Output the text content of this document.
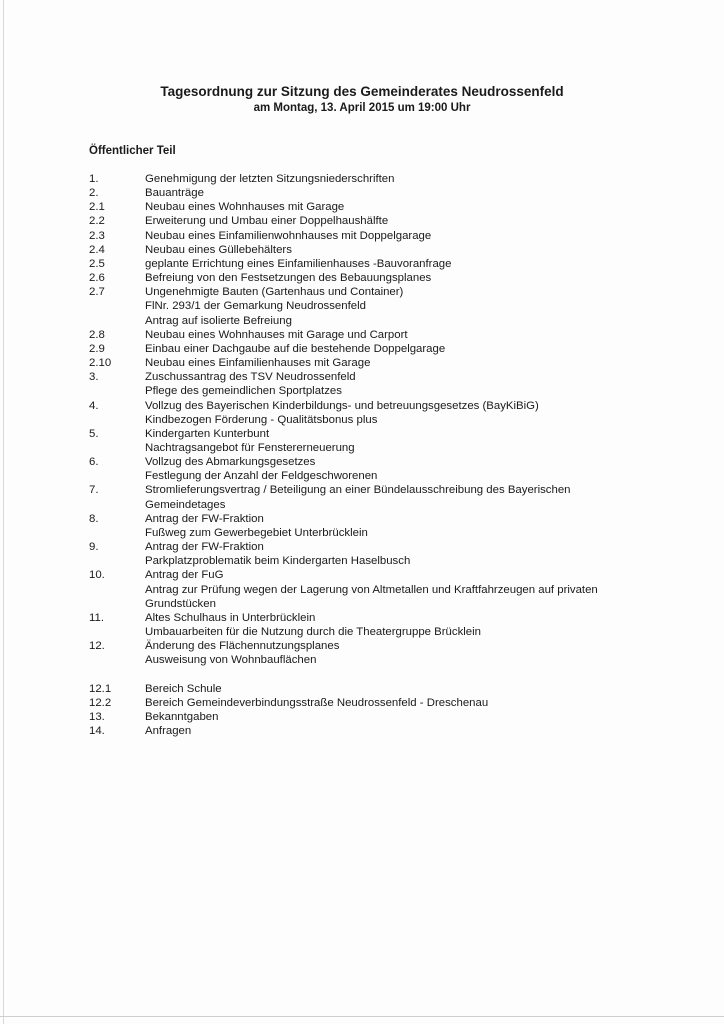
Tagesordnung zur Sitzung des Gemeinderates Neudrossenfeld

am Montag, 13. April 2015 um 19:00 Uhr

Öffentlicher Teil
1.	Genehmigung der letzten Sitzungsniederschriften
2.	Bauanträge
2.1	Neubau eines Wohnhauses mit Garage
2.2	Erweiterung und Umbau einer Doppelhaushälfte
2.3	Neubau eines Einfamilienwohnhauses mit Doppelgarage
2.4	Neubau eines Güllebehälters
2.5	geplante Errichtung eines Einfamilienhauses -Bauvoranfrage
2.6	Befreiung von den Festsetzungen des Bebauungsplanes
2.7	Ungenehmigte Bauten (Gartenhaus und Container)
FlNr. 293/1 der Gemarkung Neudrossenfeld
Antrag auf isolierte Befreiung
2.8	Neubau eines Wohnhauses mit Garage und Carport
2.9	Einbau einer Dachgaube auf die bestehende Doppelgarage
2.10	Neubau eines Einfamilienhauses mit Garage
3.	Zuschussantrag des TSV Neudrossenfeld
Pflege des gemeindlichen Sportplatzes
4.	Vollzug des Bayerischen Kinderbildungs- und betreuungsgesetzes (BayKiBiG)
Kindbezogen Förderung - Qualitätsbonus plus
5.	Kindergarten Kunterbunt
Nachtragsangebot für Fenstererneuerung
6.	Vollzug des Abmarkungsgesetzes
Festlegung der Anzahl der Feldgeschworenen
7.	Stromlieferungsvertrag / Beteiligung an einer Bündelausschreibung des Bayerischen
Gemeindetages
8.	Antrag der FW-Fraktion
Fußweg zum Gewerbegebiet Unterbrücklein
9.	Antrag der FW-Fraktion
Parkplatzproblematik beim Kindergarten Haselbusch
10.	Antrag der FuG
Antrag zur Prüfung wegen der Lagerung von Altmetallen und Kraftfahrzeugen auf privaten
Grundstücken
11.	Altes Schulhaus in Unterbrücklein
Umbauarbeiten für die Nutzung durch die Theatergruppe Brücklein
12.	Änderung des Flächennutzungsplanes
Ausweisung von Wohnbauflächen
12.1	Bereich Schule
12.2	Bereich Gemeindeverbindungsstraße Neudrossenfeld - Dreschenau
13.	Bekanntgaben
14.	Anfragen
